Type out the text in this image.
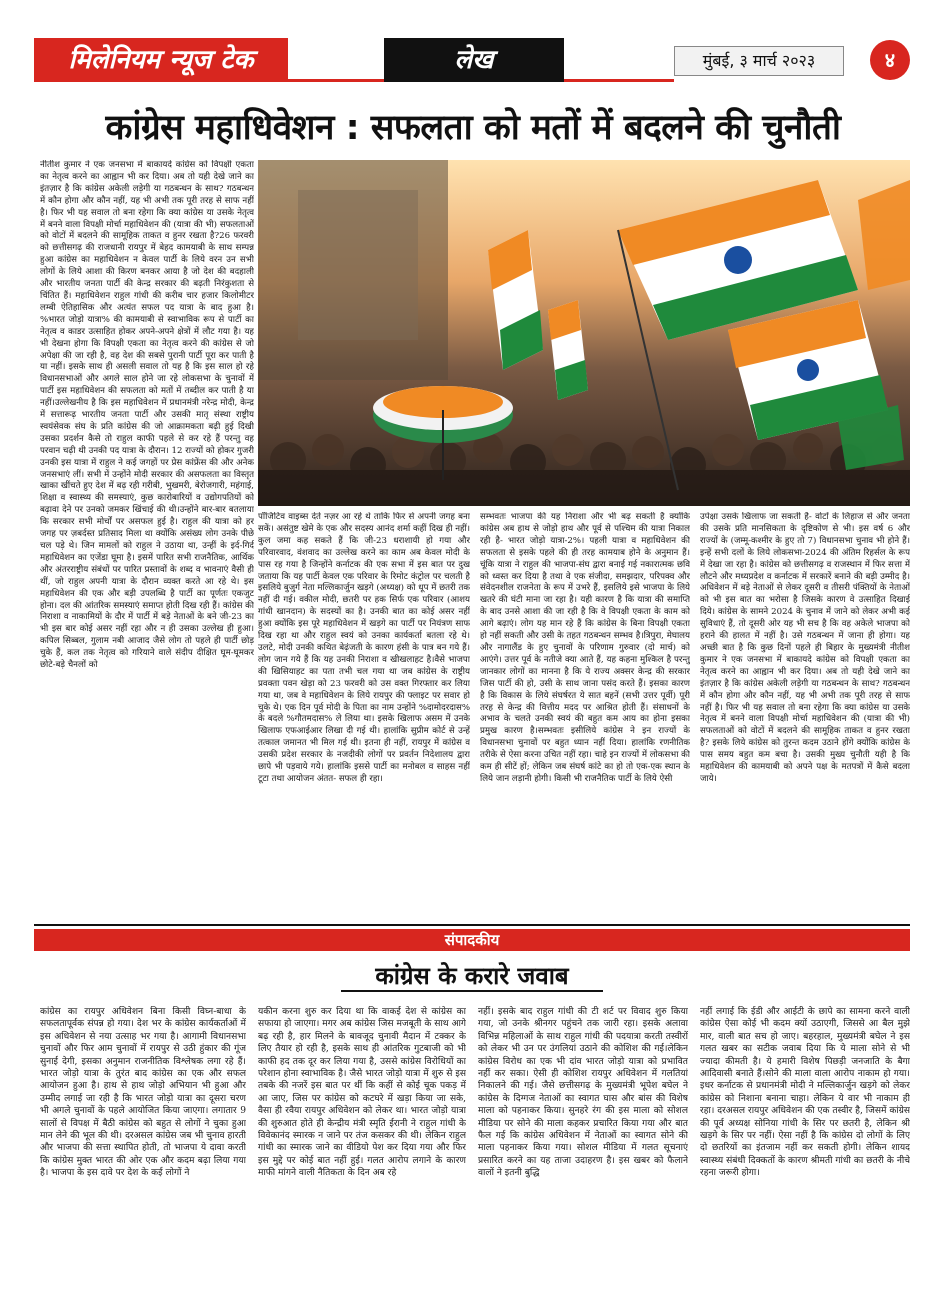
मिलेनियम न्यूज टेक	लेख	मुंबई, ३ मार्च २०२३	४
कांग्रेस महाधिवेशन : सफलता को मतों में बदलने की चुनौती
नीतीश कुमार ने एक जनसभा में बाकायदे कांग्रेस को विपक्षी एकता का नेतृत्व करने का आह्वान भी कर दिया। अब तो यही देखे जाने का इंतज़ार है कि कांग्रेस अकेली लड़ेगी या गठबन्धन के साथ? गठबन्धन में कौन होगा और कौन नहीं, यह भी अभी तक पूरी तरह से साफ नहीं है। फिर भी यह सवाल तो बना रहेगा कि क्या कांग्रेस या उसके नेतृत्व में बनने वाला विपक्षी मोर्चा महाधिवेशन की (यात्रा की भी) सफलताओं को वोटों में बदलने की सामूहिक ताकत व हुनर रखता है?26 फरवरी को छत्तीसगढ़ की राजधानी रायपुर में बेहद कामयाबी के साथ सम्पन्न हुआ कांग्रेस का महाधिवेशन न केवल पार्टी के लिये वरन उन सभी लोगों के लिये आशा की किरण बनकर आया है जो देश की बदहाली और भारतीय जनता पार्टी की केन्द्र सरकार की बढ़ती निरंकुशता से चिंतित हैं। महाधिवेशन राहुल गांधी की करीब चार हजार किलोमीटर लम्बी ऐतिहासिक और अत्यंत सफल पद यात्रा के बाद हुआ है। %भारत जोड़ो यात्रा% की कामयाबी से स्वाभाविक रूप से पार्टी का नेतृत्व व काडर उत्साहित होकर अपने-अपने क्षेत्रों में लौट गया है। यह भी देखना होगा कि विपक्षी एकता का नेतृत्व करने की कांग्रेस से जो अपेक्षा की जा रही है, वह देश की सबसे पुरानी पार्टी पूरा कर पाती है या नहीं। इसके साथ ही असली सवाल तो यह है कि इस साल हो रहे विधानसभाओं और अगले साल होने जा रहे लोकसभा के चुनावों में पार्टी इस महाधिवेशन की सफलता को मतों में तब्दील कर पाती है या नहीं।उल्लेखनीय है कि इस महाधिवेशन में प्रधानमंत्री नरेन्द्र मोदी, केन्द्र में सत्तारूढ़ भारतीय जनता पार्टी और उसकी मातृ संस्था राष्ट्रीय स्वयंसेवक संघ के प्रति कांग्रेस की जो आक्रामकता बढ़ी हुई दिखी उसका प्रदर्शन कैसे तो राहुल काफी पहले से कर रहे हैं परन्तु वह परवान चढ़ी थी उनकी पद यात्रा के दौरान। 12 राज्यों को होकर गुजरी उनकी इस यात्रा में राहुल ने कई जगहों पर प्रेस कांफ्रेंस की और अनेक जनसभाएं लीं। सभी में उन्होंने मोदी सरकार की असफलता का विस्तृत खाका खींचते हुए देश में बढ़ रही गरीबी, भुखमरी, बेरोजगारी, महंगाई, शिक्षा व स्वास्थ्य की समस्याएं, कुछ कारोबारियों व उद्योगपतियों को बढ़ावा देने पर उनको जमकर खिंचाई की थी।उन्होंने बार-बार बतलाया कि सरकार सभी मोर्चों पर असफल हुई है। राहुल की यात्रा को हर जगह पर ज़बर्दस्त प्रतिसाद मिला था क्योंकि असंख्य लोग उनके पीछे चल पड़े थे। जिन मामलों को राहुल ने उठाया था, उन्हीं के इर्द-गिर्द महाधिवेशन का एजेंडा घूमा है। इसमें पारित सभी राजनैतिक, आर्थिक और अंतरराष्ट्रीय संबंधों पर पारित प्रस्तावों के शब्द व भावनाएं वैसी ही थीं, जो राहुल अपनी यात्रा के दौरान व्यक्त करते आ रहे थे। इस महाधिवेशन की एक और बड़ी उपलब्धि है पार्टी का पूर्णतः एकजुट होना। दल की आंतरिक समस्याएं समाप्त होती दिख रही हैं। कांग्रेस की निराशा व नाकामियों के दौर में पार्टी में बड़े नेताओं के बने जी-23 का भी इस बार कोई असर नहीं रहा और न ही उसका उल्लेख ही हुआ। कपिल सिब्बल, गुलाम नबी आजाद जैसे लोग तो पहले ही पार्टी छोड़ चुके हैं, कल तक नेतृत्व को गरियाने वाले संदीप दीक्षित घूम-घूमकर छोटे-बड़े चैनलों को
पॉजिटिव वाइब्स देते नज़र आ रहे थे ताकि फिर से अपनी जगह बना सकें। असंतुष्ट खेमे के एक और सदस्य आनंद शर्मा कहीं दिख ही नहीं।कुल जमा कह सकते हैं कि जी-23 धराशायी हो गया और परिवारवाद, वंशवाद का उल्लेख करने का काम अब केवल मोदी के पास रह गया है जिन्होंने कर्नाटक की एक सभा में इस बात पर दुख जताया कि यह पार्टी केवल एक परिवार के रिमोट कंट्रोल पर चलती है इसलिये बुजुर्ग नेता मल्लिकार्जुन खड़गे (अध्यक्ष) को धूप में छतरी तक नहीं दी गई। वकील मोदी, छतरी पर हक सिर्फ एक परिवार (आशय गांधी खानदान) के सदस्यों का है। उनकी बात का कोई असर नहीं हुआ क्योंकि इस पूरे महाधिवेशन में खड़गे का पार्टी पर नियंत्रण साफ दिख रहा था और राहुल स्वयं को उनका कार्यकर्ता बतला रहे थे। उलटे, मोदी उनकी कथित बेढ़ंजती के कारण हंसी के पात्र बन गये हैं। लोग जान गये हैं कि यह उनकी निराशा व खीखलाहट है।वैसे भाजपा की खिसियाहट का पता तभी चल गया था जब कांग्रेस के राष्ट्रीय प्रवक्ता पवन खेड़ा को 23 फरवरी को उस वक्त गिरफ्तार कर लिया गया था, जब वे महाधिवेशन के लिये रायपुर की फ्लाइट पर सवार हो चुके थे। एक दिन पूर्व मोदी के पिता का नाम उन्होंने %दामोदरदास% के बदले %गौतमदास% ले लिया था। इसके खिलाफ असम में उनके खिलाफ एफआईआर लिखा दी गई थी। हालांकि सुप्रीम कोर्ट से उन्हें तत्काल जमानत भी मिल गई थी। इतना ही नहीं, रायपुर में कांग्रेस व उसकी प्रदेश सरकार के नजदीकी लोगों पर प्रवर्तन निदेशालय द्वारा छापे भी पड़वाये गये। हालांकि इससे पार्टी का मनोबल व साहस नहीं टूटा तथा आयोजन अंतत- सफल ही रहा।
सम्भवतः भाजपा की यह निराशा और भी बढ़ सकती है क्योंकि कांग्रेस अब हाथ से जोड़ो हाथ और पूर्व से पश्चिम की यात्रा निकाल रही है- भारत जोड़ो यात्रा-2%। पहली यात्रा व महाधिवेशन की सफलता से इसके पहले की ही तरह कामयाब होने के अनुमान हैं। चूंकि यात्रा ने राहुल की भाजपा-संघ द्वारा बनाई गई नकारात्मक छवि को ध्वस्त कर दिया है तथा वे एक संजीदा, समझदार, परिपक्व और संवेदनशील राजनेता के रूप में उभरे हैं, इसलिये इसे भाजपा के लिये खतरे की घंटी माना जा रहा है। यही कारण है कि यात्रा की समाप्ति के बाद उनसे आशा की जा रही है कि वे विपक्षी एकता के काम को आगे बढ़ाएं। लोग यह मान रहे हैं कि कांग्रेस के बिना विपक्षी एकता हो नहीं सकती और उसी के तहत गठबन्धन सम्भव है।त्रिपुरा, मेघालय और नागालैंड के हुए चुनावों के परिणाम गुरुवार (दो मार्च) को आएंगे। उत्तर पूर्व के नतीजे क्या आते हैं, यह कहना मुश्किल है परन्तु जानकार लोगों का मानना है कि ये राज्य अक्सर केन्द्र की सरकार जिस पार्टी की हो, उसी के साथ जाना पसंद करते हैं। इसका कारण है कि विकास के लिये संघर्षरत ये सात बहनें (सभी उत्तर पूर्वी) पूरी तरह से केन्द्र की वित्तीय मदद पर आश्रित होती हैं। संसाधनों के अभाव के चलते उनकी स्वयं की बहुत कम आय का होना इसका प्रमुख कारण है।सम्भवतः इसीलिये कांग्रेस ने इन राज्यों के विधानसभा चुनावों पर बहुत ध्यान नहीं दिया। हालांकि रणनीतिक तरीके से ऐसा करना उचित नहीं रहा। चाहे इन राज्यों में लोकसभा की कम ही सीटें हों; लेकिन जब संघर्ष कांटे का हो तो एक-एक स्थान के लिये जान लड़ानी होगी। किसी भी राजनैतिक पार्टी के लिये ऐसी
उपेक्षा उसके खिलाफ जा सकती है- वोटों के लिहाज से और जनता की उसके प्रति मानसिकता के दृष्टिकोण से भी। इस वर्ष 6 और राज्यों के (जम्मू-कश्मीर के हुए तो 7) विधानसभा चुनाव भी होने हैं। इन्हें सभी दलों के लिये लोकसभा-2024 की अंतिम रिहर्सल के रूप में देखा जा रहा है। कांग्रेस को छत्तीसगढ़ व राजस्थान में फिर सत्ता में लौटने और मध्यप्रदेश व कर्नाटक में सरकारें बनाने की बड़ी उम्मीद है। अधिवेशन में बड़े नेताओं से लेकर दूसरी व तीसरी पंक्तियों के नेताओं को भी इस बात का भरोसा है जिसके कारण वे उत्साहित दिखाई दिये। कांग्रेस के सामने 2024 के चुनाव में जाने को लेकर अभी कई सुविधाएं हैं, तो दूसरी ओर यह भी सच है कि वह अकेले भाजपा को हराने की हालत में नहीं है। उसे गठबन्धन में जाना ही होगा। यह अच्छी बात है कि कुछ दिनों पहले ही बिहार के मुख्यमंत्री नीतीश कुमार ने एक जनसभा में बाकायदे कांग्रेस को विपक्षी एकता का नेतृत्व करने का आह्वान भी कर दिया। अब तो यही देखे जाने का इंतज़ार है कि कांग्रेस अकेली लड़ेगी या गठबन्धन के साथ? गठबन्धन में कौन होगा और कौन नहीं, यह भी अभी तक पूरी तरह से साफ नहीं है। फिर भी यह सवाल तो बना रहेगा कि क्या कांग्रेस या उसके नेतृत्व में बनने वाला विपक्षी मोर्चा महाधिवेशन की (यात्रा की भी) सफलताओं को वोटों में बदलने की सामूहिक ताकत व हुनर रखता है? इसके लिये कांग्रेस को तुरन्त कदम उठाने होंगे क्योंकि कांग्रेस के पास समय बहुत कम बचा है। उसकी मुख्य चुनौती यही है कि महाधिवेशन की कामयाबी को अपने पक्ष के मतपत्रों में कैसे बदला जाये।
संपादकीय
कांग्रेस के करारे जवाब
कांग्रेस का रायपुर अधिवेशन बिना किसी विघ्न-बाधा के सफलतापूर्वक संपन्न हो गया। देश भर के कांग्रेस कार्यकर्ताओं में इस अधिवेशन से नया उत्साह भर गया है। आगामी विधानसभा चुनावों और फिर आम चुनावों में रायपुर से उठी हुंकार की गूंज सुनाई देगी, इसका अनुमान राजनीतिक विश्लेषक लगा रहे हैं। भारत जोड़ो यात्रा के तुरंत बाद कांग्रेस का एक और सफल आयोजन हुआ है। हाथ से हाथ जोड़ो अभियान भी हुआ और उम्मीद लगाई जा रही है कि भारत जोड़ो यात्रा का दूसरा चरण भी अगले चुनावों के पहले आयोजित किया जाएगा। लगातार 9 सालों से विपक्ष में बैठी कांग्रेस को बहुत से लोगों ने चुका हुआ मान लेने की भूल की थी। दरअसल कांग्रेस जब भी चुनाव हारती और भाजपा की सत्ता स्थापित होती, तो भाजपा ये दावा करती कि कांग्रेस मुक्त भारत की ओर एक और कदम बढ़ा लिया गया है। भाजपा के इस दावे पर देश के कई लोगों ने
यकीन करना शुरु कर दिया था कि वाकई देश से कांग्रेस का सफाया हो जाएगा। मगर अब कांग्रेस जिस मजबूती के साथ आगे बढ़ रही है, हार मिलने के बावजूद चुनावी मैदान में टक्कर के लिए तैयार हो रही है, इसके साथ ही आंतरिक गुटबाजी को भी काफी हद तक दूर कर लिया गया है, उससे कांग्रेस विरोधियों का परेशान होना स्वाभाविक है। जैसे भारत जोड़ो यात्रा में शुरु से इस तबके की नजरें इस बात पर थीं कि कहीं से कोई चूक पकड़ में आ जाए, जिस पर कांग्रेस को कटघरे में खड़ा किया जा सके, वैसा ही रवैया रायपुर अधिवेशन को लेकर था। भारत जोड़ो यात्रा की शुरुआत होते ही केन्द्रीय मंत्री स्मृति ईरानी ने राहुल गांधी के विवेकानंद स्मारक न जाने पर तंज कसकर की थी। लेकिन राहुल गांधी का स्मारक जाने का वीडियो पेश कर दिया गया और फिर इस मुद्दे पर कोई बात नहीं हुई। गलत आरोप लगाने के कारण माफी मांगने वाली नैतिकता के दिन अब रहे
नहीं। इसके बाद राहुल गांधी की टी शर्ट पर विवाद शुरु किया गया, जो उनके श्रीनगर पहुंचने तक जारी रहा। इसके अलावा विभिन्न महिलाओं के साथ राहुल गांधी की पदयात्रा करती तस्वीरों को लेकर भी उन पर उंगलियां उठाने की कोशिश की गई।लेकिन कांग्रेस विरोध का एक भी दांव भारत जोड़ो यात्रा को प्रभावित नहीं कर सका। ऐसी ही कोशिश रायपुर अधिवेशन में गलतियां निकालने की गई। जैसे छत्तीसगढ़ के मुख्यमंत्री भूपेश बघेल ने कांग्रेस के दिग्गज नेताओं का स्वागत घास और बांस की विशेष माला को पहनाकर किया। सुनहरे रंग की इस माला को सोशल मीडिया पर सोने की माला कहकर प्रचारित किया गया और बात फैल गई कि कांग्रेस अधिवेशन में नेताओं का स्वागत सोने की माला पहनाकर किया गया। सोशल मीडिया में गलत सूचनाएं प्रसारित करने का यह ताजा उदाहरण है। इस खबर को फैलाने वालों ने इतनी बुद्धि
नहीं लगाई कि ईडी और आईटी के छापे का सामना करने वाली कांग्रेस ऐसा कोई भी कदम क्यों उठाएगी, जिससे आ बैल मुझे मार, वाली बात सच हो जाए। बहरहाल, मुख्यमंत्री बघेल ने इस गलत खबर का सटीक जवाब दिया कि ये माला सोने से भी ज्यादा कीमती है। ये हमारी विशेष पिछड़ी जनजाति के बैगा आदिवासी बनाते हैं।सोने की माला वाला आरोप नाकाम हो गया। इधर कर्नाटक से प्रधानमंत्री मोदी ने मल्लिकार्जुन खड़गे को लेकर कांग्रेस को निशाना बनाना चाहा। लेकिन ये वार भी नाकाम ही रहा। दरअसल रायपुर अधिवेशन की एक तस्वीर है, जिसमें कांग्रेस की पूर्व अध्यक्ष सोनिया गांधी के सिर पर छतरी है, लेकिन श्री खड़गे के सिर पर नहीं। ऐसा नहीं है कि कांग्रेस दो लोगों के लिए दो छतरियों का इंतजाम नहीं कर सकती होगी। लेकिन शायद स्वास्थ्य संबंधी दिक्कतों के कारण श्रीमती गांधी का छतरी के नीचे रहना जरूरी होगा।
